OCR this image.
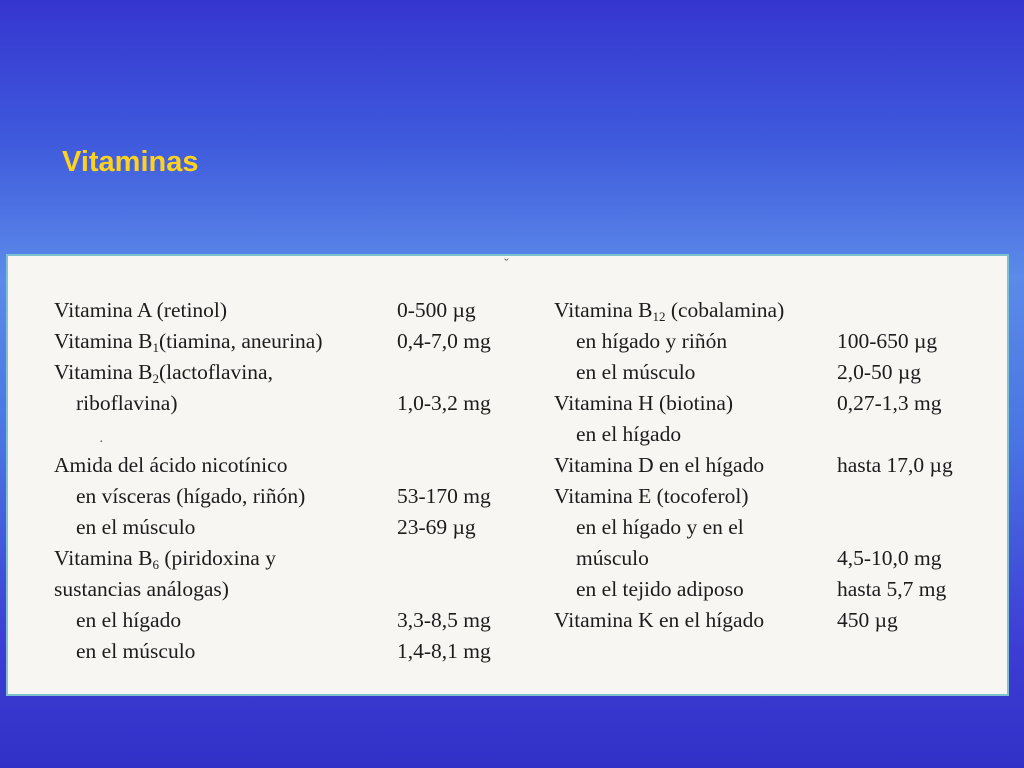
Vitaminas
ˇ
·
Vitamina A (retinol)	0-500 µg
Vitamina $B_1(tiamina$, aneurina)	0,4-7,0 mg
Vitamina $B_2(lactoflavina$,
riboflavina)	1,0-3,2 mg
Amida del ácido nicotínico
en vísceras (hígado, riñón)	53-170 mg
en el músculo	23-69 µg
Vitamina $B_6$ (piridoxina y
sustancias análogas)
en el hígado	3,3-8,5 mg
en el músculo	1,4-8,1 mg
Vitamina $B_{12}$ (cobalamina)
en hígado y riñón	100-650 µg
en el músculo	2,0-50 µg
Vitamina H (biotina)	0,27-1,3 mg
en el hígado
Vitamina D en el hígado	hasta 17,0 µg
Vitamina E (tocoferol)
en el hígado y en el
músculo	4,5-10,0 mg
en el tejido adiposo	hasta 5,7 mg
Vitamina K en el hígado	450 µg
